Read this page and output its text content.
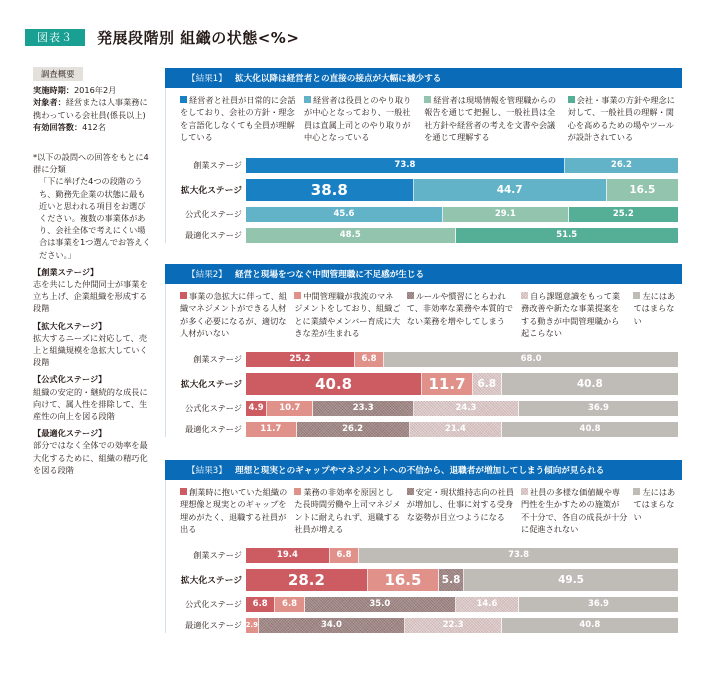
図表３	発展段階別 組織の状態<%>
調査概要
実施時期：2016年2月
対象者：経営または人事業務に携わっている会社員(係長以上)
有効回答数：412名
*以下の設問への回答をもとに4群に分類
「下に挙げた4つの段階のうち、勤務先企業の状態に最も近いと思われる項目をお選びください。複数の事業体があり、会社全体で考えにくい場合は事業を1つ選んでお答えください。」
【創業ステージ】
志を共にした仲間同士が事業を立ち上げ、企業組織を形成する段階
【拡大化ステージ】
拡大するニーズに対応して、売上と組織規模を急拡大していく段階
【公式化ステージ】
組織の安定的・継続的な成長に向けて、属人性を排除して、生産性の向上を図る段階
【最適化ステージ】
部分ではなく全体での効率を最大化するために、組織の精巧化を図る段階
【結果1】 拡大化以降は経営者との直接の接点が大幅に減少する
経営者と社員が日常的に会話をしており、会社の方針・理念を言語化しなくても全員が理解している
経営者は役員とのやり取りが中心となっており、一般社員は直属上司とのやり取りが中心となっている
経営者は現場情報を管理職からの報告を通じて把握し、一般社員は全社方針や経営者の考えを文書や会議を通じて理解する
会社・事業の方針や理念に対して、一般社員の理解・関心を高めるための場やツールが設計されている
創業ステージ	73.8	26.2
拡大化ステージ	38.8	44.7	16.5
公式化ステージ	45.6	29.1	25.2
最適化ステージ	48.5	51.5
【結果2】 経営と現場をつなぐ中間管理職に不足感が生じる
事業の急拡大に伴って、組織マネジメントができる人材が多く必要になるが、適切な人材がいない
中間管理職が我流のマネジメントをしており、組織ごとに業績やメンバー育成に大きな差が生まれる
ルールや慣習にとらわれて、非効率な業務や本質的でない業務を増やしてしまう
自ら課題意識をもって業務改善や新たな事業提案をする動きが中間管理職から起こらない
左にはあてはまらない
創業ステージ	25.2	6.8	68.0
拡大化ステージ	40.8	11.7	6.8	40.8
公式化ステージ 4.9	10.7	23.3	24.3	36.9
最適化ステージ	11.7	26.2	21.4	40.8
【結果3】 理想と現実とのギャップやマネジメントへの不信から、退職者が増加してしまう傾向が見られる
創業時に抱いていた組織の理想像と現実とのギャップを埋めがたく、退職する社員が出る
業務の非効率を原因とした長時間労働や上司マネジメントに耐えられず、退職する社員が増える
安定・現状維持志向の社員が増加し、仕事に対する受身な姿勢が目立つようになる
社員の多様な価値観や専門性を生かすための施策が不十分で、各自の成長が十分に促進されない
左にはあてはまらない
創業ステージ	19.4	6.8	73.8
拡大化ステージ	28.2	16.5	5.8	49.5
公式化ステージ	6.8	6.8	35.0	14.6	36.9
最適化ステージ 2.9	34.0	22.3	40.8
